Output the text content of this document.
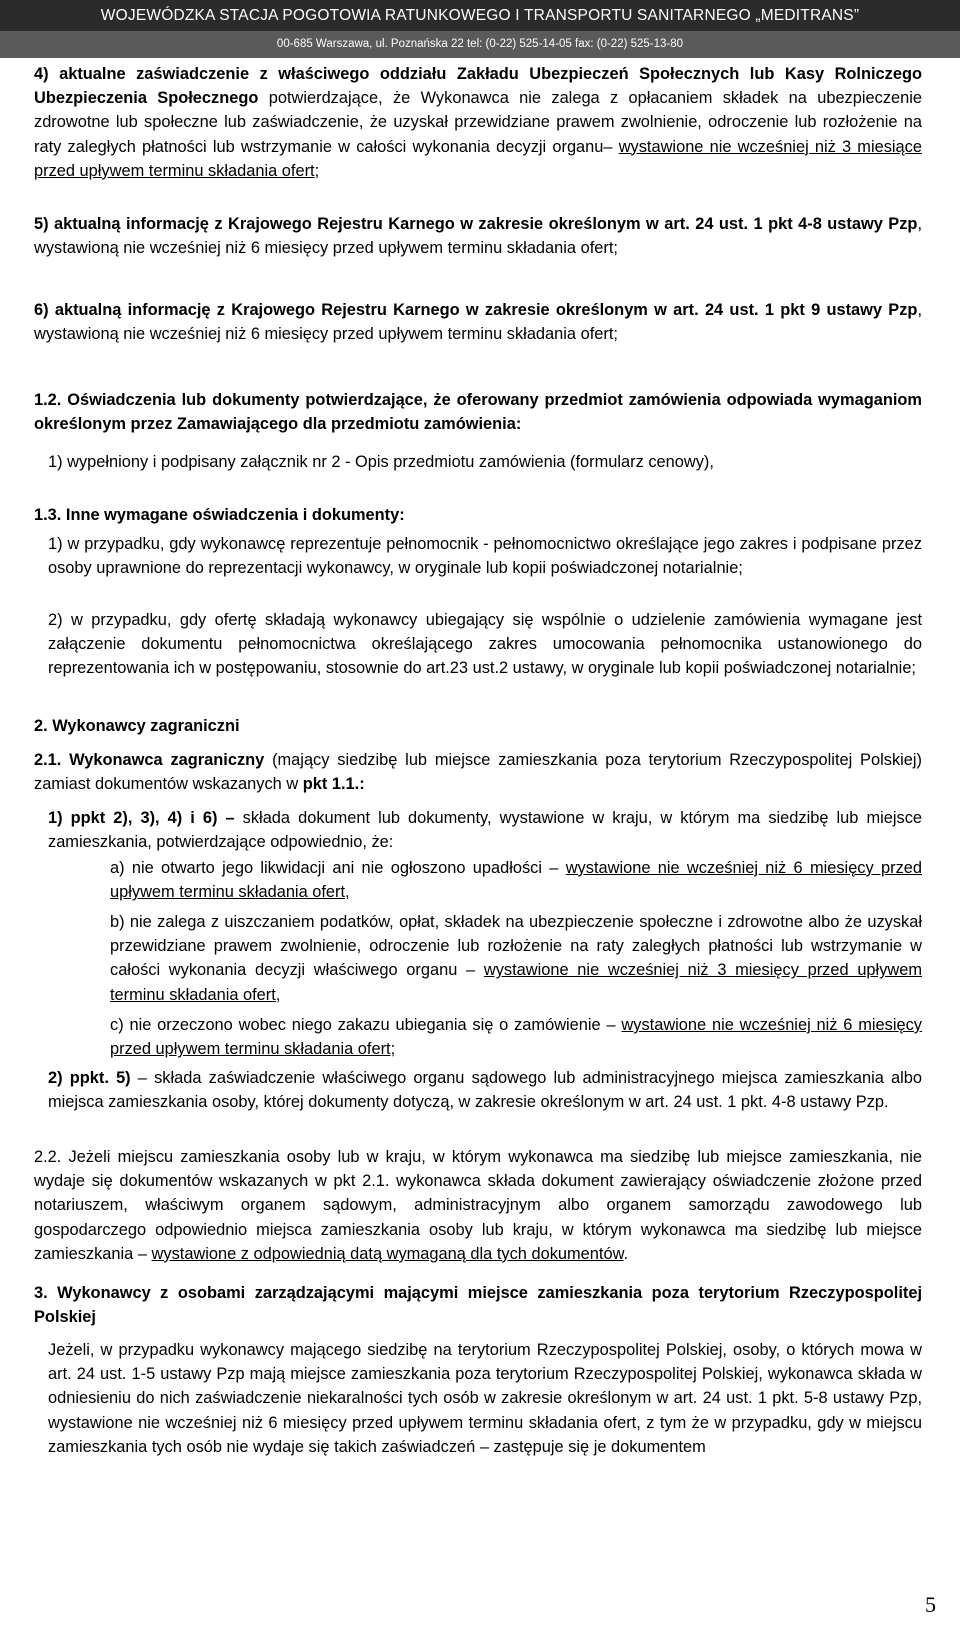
WOJEWÓDZKA STACJA POGOTOWIA RATUNKOWEGO I TRANSPORTU SANITARNEGO „MEDITRANS”
00-685 Warszawa, ul. Poznańska 22 tel: (0-22) 525-14-05 fax: (0-22) 525-13-80

4) aktualne zaświadczenie z właściwego oddziału Zakładu Ubezpieczeń Społecznych lub Kasy Rolniczego Ubezpieczenia Społecznego potwierdzające, że Wykonawca nie zalega z opłacaniem składek na ubezpieczenie zdrowotne lub społeczne lub zaświadczenie, że uzyskał przewidziane prawem zwolnienie, odroczenie lub rozłożenie na raty zaległych płatności lub wstrzymanie w całości wykonania decyzji organu– wystawione nie wcześniej niż 3 miesiące przed upływem terminu składania ofert;

5) aktualną informację z Krajowego Rejestru Karnego w zakresie określonym w art. 24 ust. 1 pkt 4-8 ustawy Pzp, wystawioną nie wcześniej niż 6 miesięcy przed upływem terminu składania ofert;

6) aktualną informację z Krajowego Rejestru Karnego w zakresie określonym w art. 24 ust. 1 pkt 9 ustawy Pzp, wystawioną nie wcześniej niż 6 miesięcy przed upływem terminu składania ofert;

1.2. Oświadczenia lub dokumenty potwierdzające, że oferowany przedmiot zamówienia odpowiada wymaganiom określonym przez Zamawiającego dla przedmiotu zamówienia:

1) wypełniony i podpisany załącznik nr 2 - Opis przedmiotu zamówienia (formularz cenowy),

1.3. Inne wymagane oświadczenia i dokumenty:

1) w przypadku, gdy wykonawcę reprezentuje pełnomocnik - pełnomocnictwo określające jego zakres i podpisane przez osoby uprawnione do reprezentacji wykonawcy, w oryginale lub kopii poświadczonej notarialnie;

2) w przypadku, gdy ofertę składają wykonawcy ubiegający się wspólnie o udzielenie zamówienia wymagane jest załączenie dokumentu pełnomocnictwa określającego zakres umocowania pełnomocnika ustanowionego do reprezentowania ich w postępowaniu, stosownie do art.23 ust.2 ustawy, w oryginale lub kopii poświadczonej notarialnie;

2. Wykonawcy zagraniczni

2.1. Wykonawca zagraniczny (mający siedzibę lub miejsce zamieszkania poza terytorium Rzeczypospolitej Polskiej) zamiast dokumentów wskazanych w pkt 1.1.:

1) ppkt 2), 3), 4) i 6) – składa dokument lub dokumenty, wystawione w kraju, w którym ma siedzibę lub miejsce zamieszkania, potwierdzające odpowiednio, że:

a) nie otwarto jego likwidacji ani nie ogłoszono upadłości – wystawione nie wcześniej niż 6 miesięcy przed upływem terminu składania ofert,

b) nie zalega z uiszczaniem podatków, opłat, składek na ubezpieczenie społeczne i zdrowotne albo że uzyskał przewidziane prawem zwolnienie, odroczenie lub rozłożenie na raty zaległych płatności lub wstrzymanie w całości wykonania decyzji właściwego organu – wystawione nie wcześniej niż 3 miesięcy przed upływem terminu składania ofert,

c) nie orzeczono wobec niego zakazu ubiegania się o zamówienie – wystawione nie wcześniej niż 6 miesięcy przed upływem terminu składania ofert;

2) ppkt. 5) – składa zaświadczenie właściwego organu sądowego lub administracyjnego miejsca zamieszkania albo miejsca zamieszkania osoby, której dokumenty dotyczą, w zakresie określonym w art. 24 ust. 1 pkt. 4-8 ustawy Pzp.

2.2. Jeżeli miejscu zamieszkania osoby lub w kraju, w którym wykonawca ma siedzibę lub miejsce zamieszkania, nie wydaje się dokumentów wskazanych w pkt 2.1. wykonawca składa dokument zawierający oświadczenie złożone przed notariuszem, właściwym organem sądowym, administracyjnym albo organem samorządu zawodowego lub gospodarczego odpowiednio miejsca zamieszkania osoby lub kraju, w którym wykonawca ma siedzibę lub miejsce zamieszkania – wystawione z odpowiednią datą wymaganą dla tych dokumentów.

3. Wykonawcy z osobami zarządzającymi mającymi miejsce zamieszkania poza terytorium Rzeczypospolitej Polskiej

Jeżeli, w przypadku wykonawcy mającego siedzibę na terytorium Rzeczypospolitej Polskiej, osoby, o których mowa w art. 24 ust. 1-5 ustawy Pzp mają miejsce zamieszkania poza terytorium Rzeczypospolitej Polskiej, wykonawca składa w odniesieniu do nich zaświadczenie niekaralności tych osób w zakresie określonym w art. 24 ust. 1 pkt. 5-8 ustawy Pzp, wystawione nie wcześniej niż 6 miesięcy przed upływem terminu składania ofert, z tym że w przypadku, gdy w miejscu zamieszkania tych osób nie wydaje się takich zaświadczeń – zastępuje się je dokumentem

5
